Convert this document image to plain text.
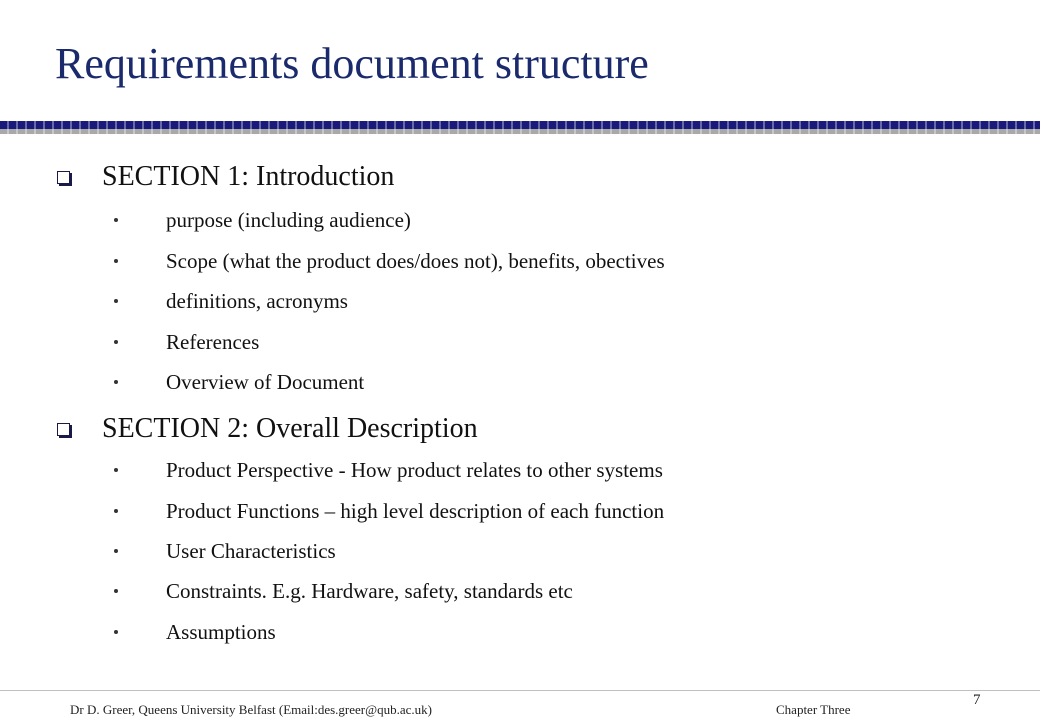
Requirements document structure
SECTION 1: Introduction
purpose (including audience)
Scope (what the product does/does not), benefits, obectives
definitions, acronyms
References
Overview of Document
SECTION 2: Overall Description
Product Perspective - How product relates to other systems
Product Functions – high level description of each function
User Characteristics
Constraints. E.g. Hardware, safety, standards etc
Assumptions
Dr D. Greer, Queens University Belfast (Email:des.greer@qub.ac.uk)	Chapter Three
7
